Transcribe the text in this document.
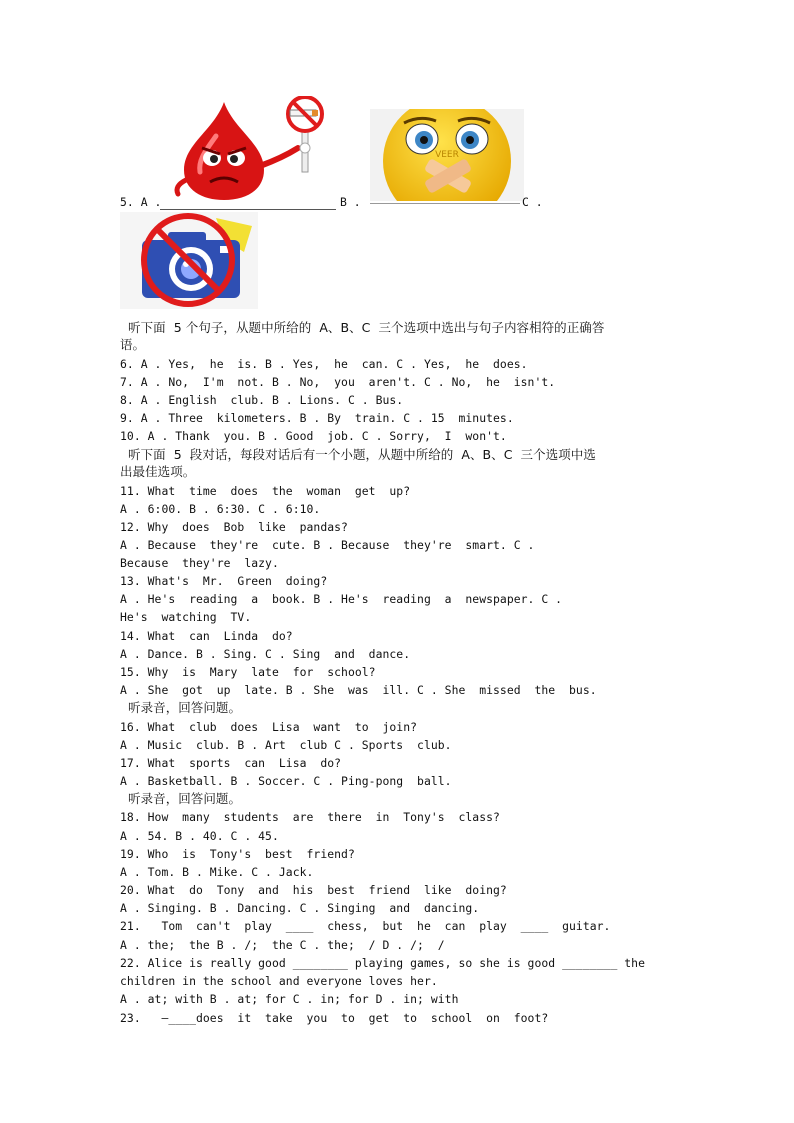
VEER
5. A .	B .	C .
听下面  5 个句子，从题中所给的  A、B、C  三个选项中选出与句子内容相符的正确答
语。
6. A . Yes,  he  is. B . Yes,  he  can. C . Yes,  he  does.
7. A . No,  I'm  not. B . No,  you  aren't. C . No,  he  isn't.
8. A . English  club. B . Lions. C . Bus.
9. A . Three  kilometers. B . By  train. C . 15  minutes.
10. A . Thank  you. B . Good  job. C . Sorry,  I  won't.
听下面  5  段对话，每段对话后有一个小题，从题中所给的  A、B、C  三个选项中选
出最佳选项。
11. What  time  does  the  woman  get  up?
A . 6:00. B . 6:30. C . 6:10.
12. Why  does  Bob  like  pandas?
A . Because  they're  cute. B . Because  they're  smart. C .
Because  they're  lazy.
13. What's  Mr.  Green  doing?
A . He's  reading  a  book. B . He's  reading  a  newspaper. C .
He's  watching  TV.
14. What  can  Linda  do?
A . Dance. B . Sing. C . Sing  and  dance.
15. Why  is  Mary  late  for  school?
A . She  got  up  late. B . She  was  ill. C . She  missed  the  bus.
听录音，回答问题。
16. What  club  does  Lisa  want  to  join?
A . Music  club. B . Art  club C . Sports  club.
17. What  sports  can  Lisa  do?
A . Basketball. B . Soccer. C . Ping-pong  ball.
听录音，回答问题。
18. How  many  students  are  there  in  Tony's  class?
A . 54. B . 40. C . 45.
19. Who  is  Tony's  best  friend?
A . Tom. B . Mike. C . Jack.
20. What  do  Tony  and  his  best  friend  like  doing?
A . Singing. B . Dancing. C . Singing  and  dancing.
21.   Tom  can't  play  ____  chess,  but  he  can  play  ____  guitar.
A . the;  the B . /;  the C . the;  / D . /;  /
22. Alice is really good ________ playing games, so she is good ________ the
children in the school and everyone loves her.
A . at; with B . at; for C . in; for D . in; with
23.   —____does  it  take  you  to  get  to  school  on  foot?
